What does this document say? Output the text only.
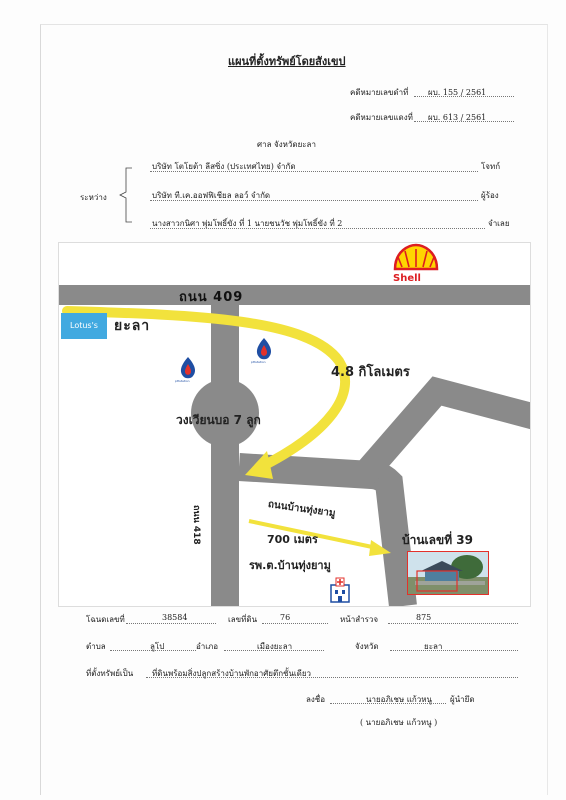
แผนที่ตั้งทรัพย์โดยสังเขป
คดีหมายเลขดำที่ ผบ. 155 / 2561
คดีหมายเลขแดงที่ ผบ. 613 / 2561
ศาล จังหวัดยะลา
ระหว่าง
บริษัท โตโยต้า ลีสซิ่ง (ประเทศไทย) จำกัด	โจทก์
บริษัท ที.เค.ออฟฟิเชียล ลอว์ จำกัด	ผู้ร้อง
นางสาวกนิศา พุ่มโพธิ์ขัง ที่ 1 นายชนวัช พุ่มโพธิ์ขัง ที่ 2	จำเลย
Lotus's	ยะลา
ถนน 409
Shell
pttstation
pttstation
4.8 กิโลเมตร
วงเวียนบอ 7 ลูก
ถนน 418	ถนนบ้านทุ่งยามู
700 เมตร	บ้านเลขที่ 39
รพ.ต.บ้านทุ่งยามู
โฉนดเลขที่	38584	เลขที่ดิน	76	หน้าสำรวจ	875
ตำบล	ลูโป	อำเภอ	เมืองยะลา	จังหวัด	ยะลา
ที่ตั้งทรัพย์เป็น ที่ดินพร้อมสิ่งปลูกสร้างบ้านพักอาศัยตึกชั้นเดียว
ลงชื่อ	นายอภิเชษ แก้วหนู ผู้นำยึด
( นายอภิเชษ แก้วหนู )
